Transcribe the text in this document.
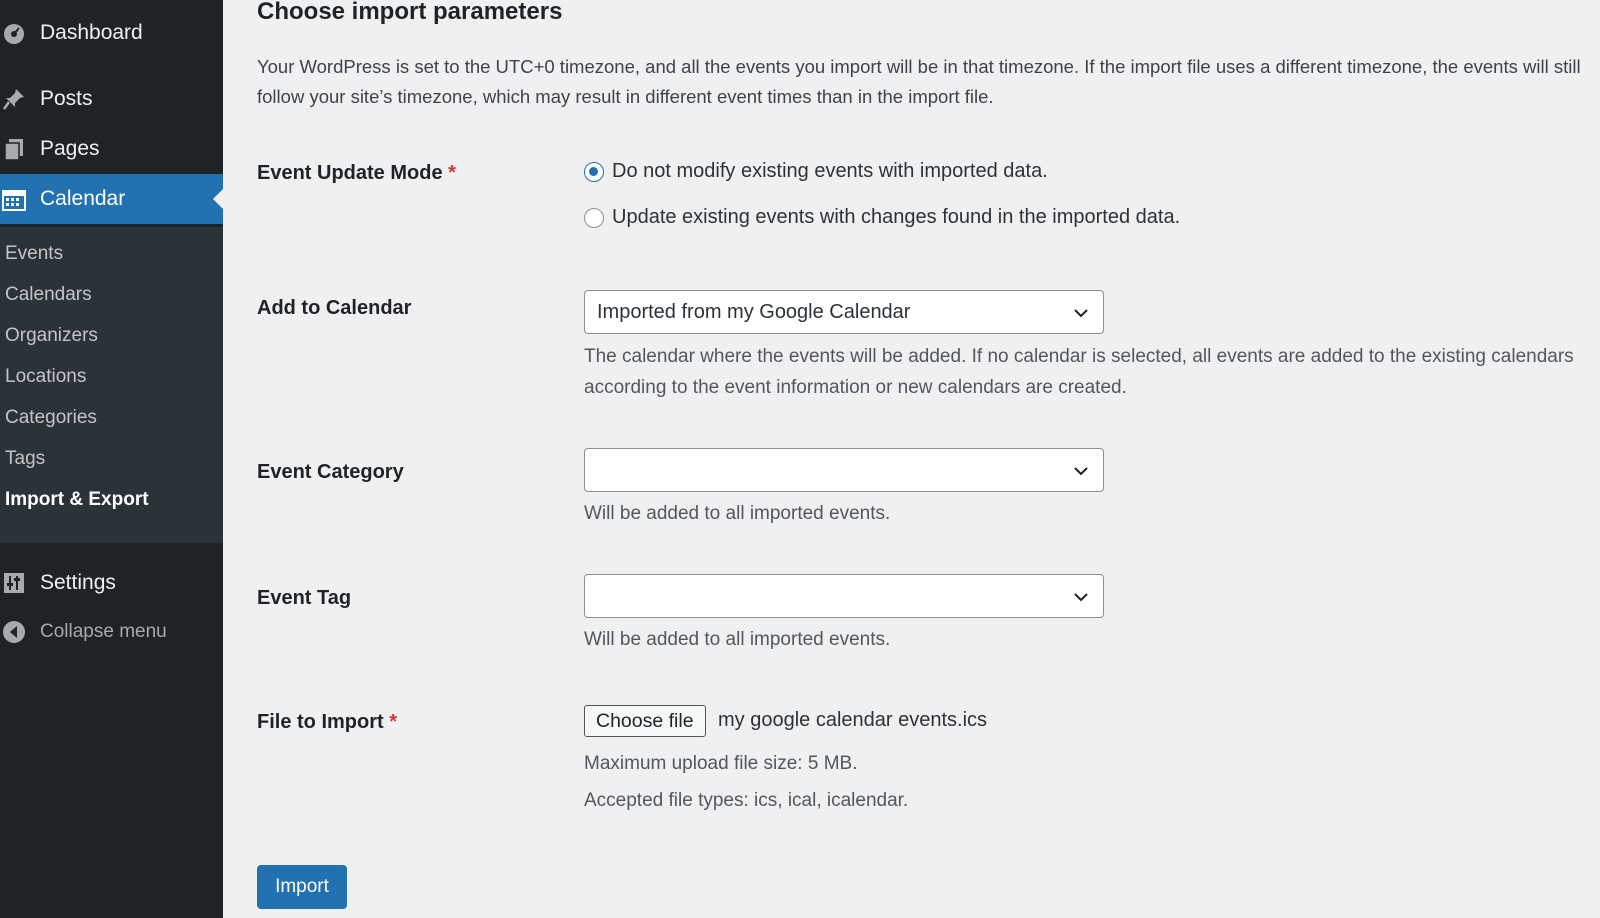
Dashboard
Posts
Pages
Calendar
Events
Calendars
Organizers
Locations
Categories
Tags
Import & Export
Settings
Collapse menu
Choose import parameters

Your WordPress is set to the UTC+0 timezone, and all the events you import will be in that timezone. If the import file uses a different timezone, the events will still follow your site’s timezone, which may result in different event times than in the import file.

Event Update Mode *	Do not modify existing events with imported data.
Update existing events with changes found in the imported data.
Add to Calendar	Imported from my Google Calendar

The calendar where the events will be added. If no calendar is selected, all events are added to the existing calendars according to the event information or new calendars are created.

Event Category

Will be added to all imported events.

Event Tag

Will be added to all imported events.

File to Import *	Choose file	my google calendar events.ics

Maximum upload file size: 5 MB.

Accepted file types: ics, ical, icalendar.

Import
